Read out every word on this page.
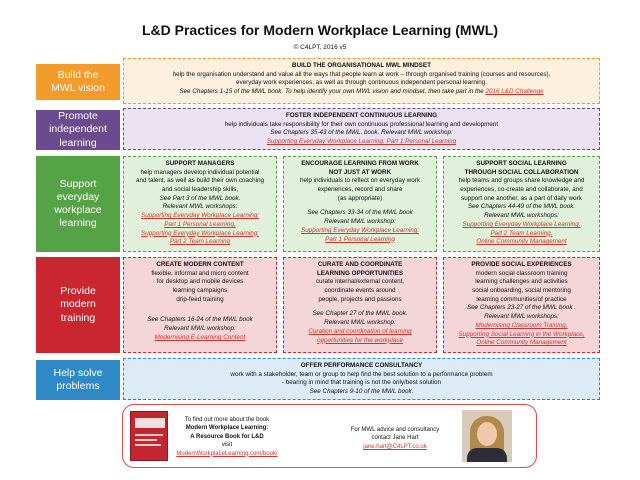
L&D Practices for Modern Workplace Learning (MWL)
© C4LPT, 2016 v5
Build the
MWL vision
BUILD THE ORGANISATIONAL MWL MINDSET
help the organisation understand and value all the ways that people learn at work – through organised training (courses and resources),
everyday work experiences, as well as through continuous independent personal learning.
See Chapters 1-15 of the MWL book. To help identify your own MWL vision and mindset, then take part in the 2016 L&D Challenge
Promote
independent
learning
FOSTER INDEPENDENT CONTINUOUS LEARNING
help individuals take responsibility for their own continuous professional learning and development
See Chapters 35-43 of the MWL. book. Relevant MWL workshop:
Supporting Everyday Workplace Learning: Part 1 Personal Learning
Support
everyday
workplace
learning
SUPPORT MANAGERS
help managers develop individual potential
and talent, as well as build their own coaching
and social leadership skills,
See Part 3 of the MWL book.
Relevant MWL workshops:
Supporting Everyday Workplace Learning:
Part 1 Personal Learning,
Supporting Everyday Workplace Learning:
Part 2 Team Learning
ENCOURAGE LEARNING FROM WORK
NOT JUST AT WORK
help individuals to reflect on everyday work
experiences, record and share
(as appropriate)
See Chapters 33-34 of the MWL book
Relevant MWL workshop:
Supporting Everyday Workplace Learning:
Part 1 Personal Learning
SUPPORT SOCIAL LEARNING
THROUGH SOCIAL COLLABORATION
help teams and groups share knowledge and
experiences, co-create and collaborate, and
support one another, as a part of daily work
See Chapters 44-49 of the MWL book.
Relevant MWL workshops:
Supporting Everyday Workplace Learning:
Part 2 Team Learning,
Online Community Management
Provide
modern
training
CREATE MODERN CONTENT
flexible, informal and micro content
for desktop and mobile devices
learning campaigns
drip-feed training
See Chapters 16-24 of the MWL book
Relevant MWL workshop:
Modernising E-Learning Content
CURATE AND COORDINATE
LEARNING OPPORTUNITIES
curate internal/external content,
coordinate events around
people, projects and passions
See Chapter 27 of the MWL book.
Relevant MWL workshop:
Curation and coordination of learning
opportunities for the workplace
PROVIDE SOCIAL EXPERIENCES
modern social classroom training
learning challenges and activities
social onboarding, social mentoring
learning communities/of practice
See Chapters 23-27 of the MWL book .
Relevant MWL workshops:
Modernising Classroom Training,
Supporting Social Learning in the Workplace,
Online Community Management
Help solve
problems
OFFER PERFORMANCE CONSULTANCY
work with a stakeholder, team or group to help find the best solution to a performance problem
- bearing in mind that training is not the only/best solution
See Chapters 9-10 of the MWL book.
To find out more about the book
Modern Workplace Learning:
A Resource Book for L&D
visit
ModernWorkplaceLearning.com/book/
For MWL advice and consultancy
contact Jane Hart
jane.hart@C4LPT.co.uk
